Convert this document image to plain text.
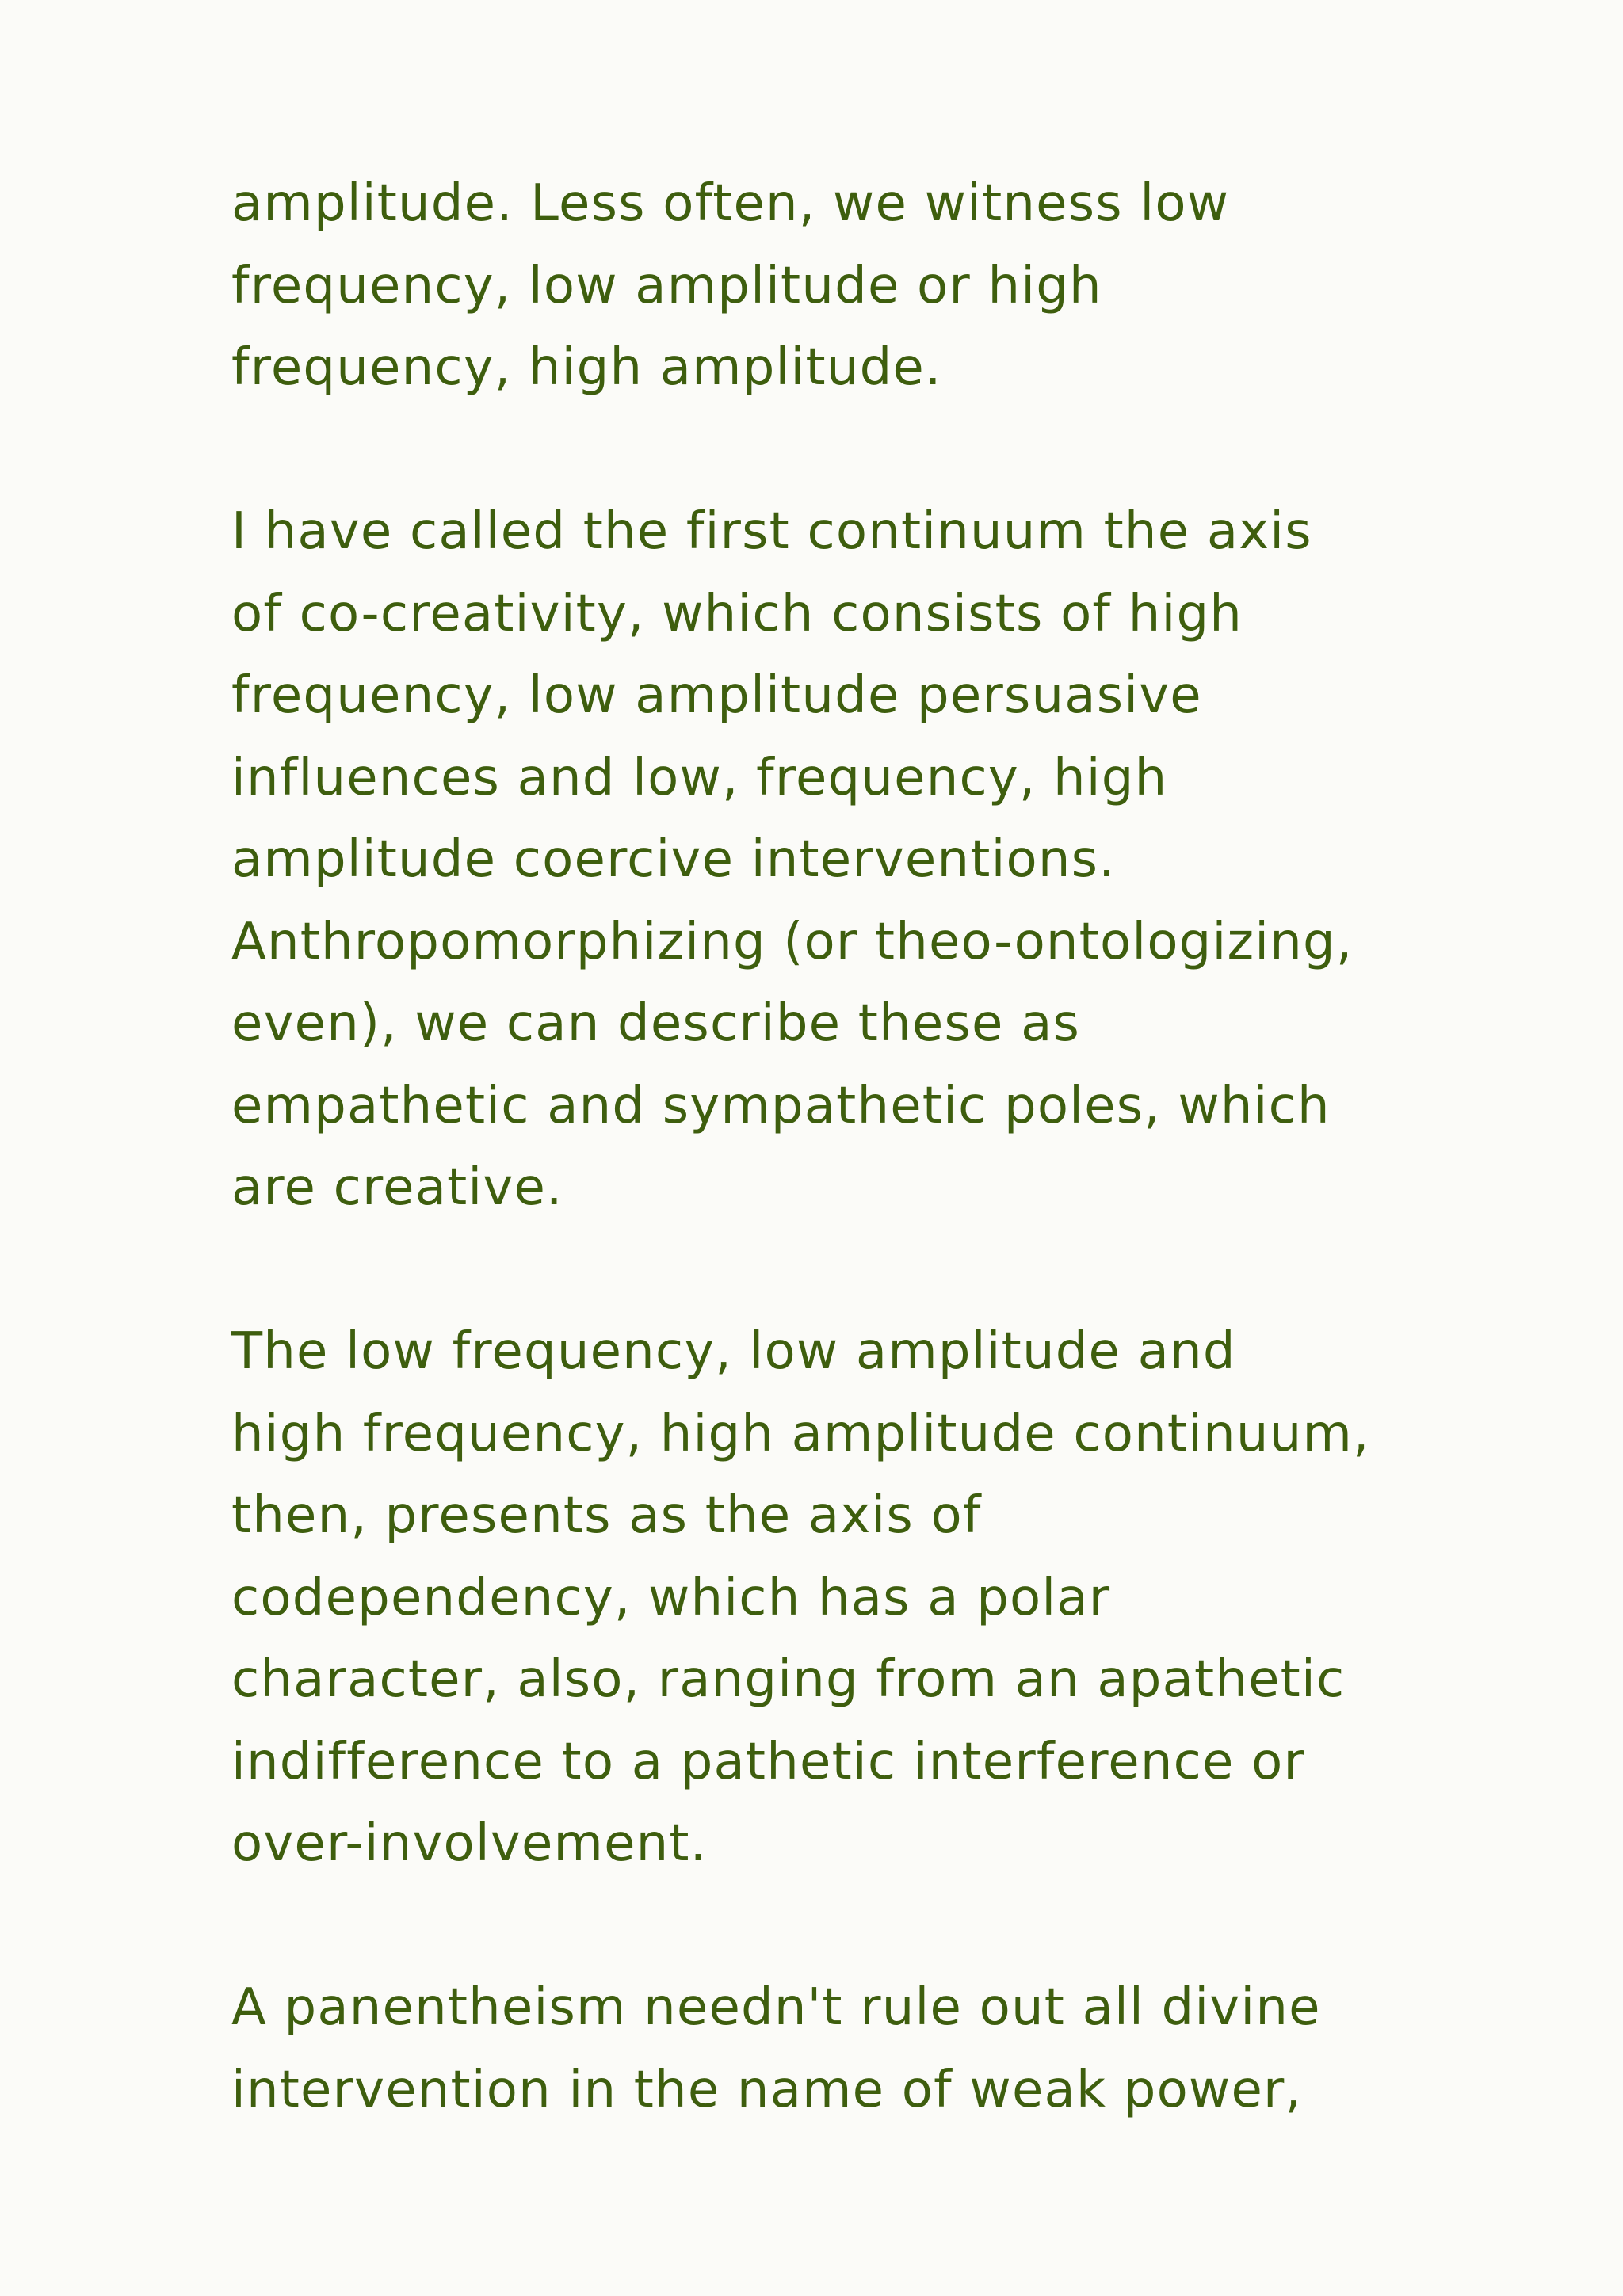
amplitude. Less often, we witness low
frequency, low amplitude or high
frequency, high amplitude.
I have called the first continuum the axis
of co-creativity, which consists of high
frequency, low amplitude persuasive
influences and low, frequency, high
amplitude coercive interventions.
Anthropomorphizing (or theo-ontologizing,
even), we can describe these as
empathetic and sympathetic poles, which
are creative.
The low frequency, low amplitude and
high frequency, high amplitude continuum,
then, presents as the axis of
codependency, which has a polar
character, also, ranging from an apathetic
indifference to a pathetic interference or
over-involvement.
A panentheism needn't rule out all divine
intervention in the name of weak power,
